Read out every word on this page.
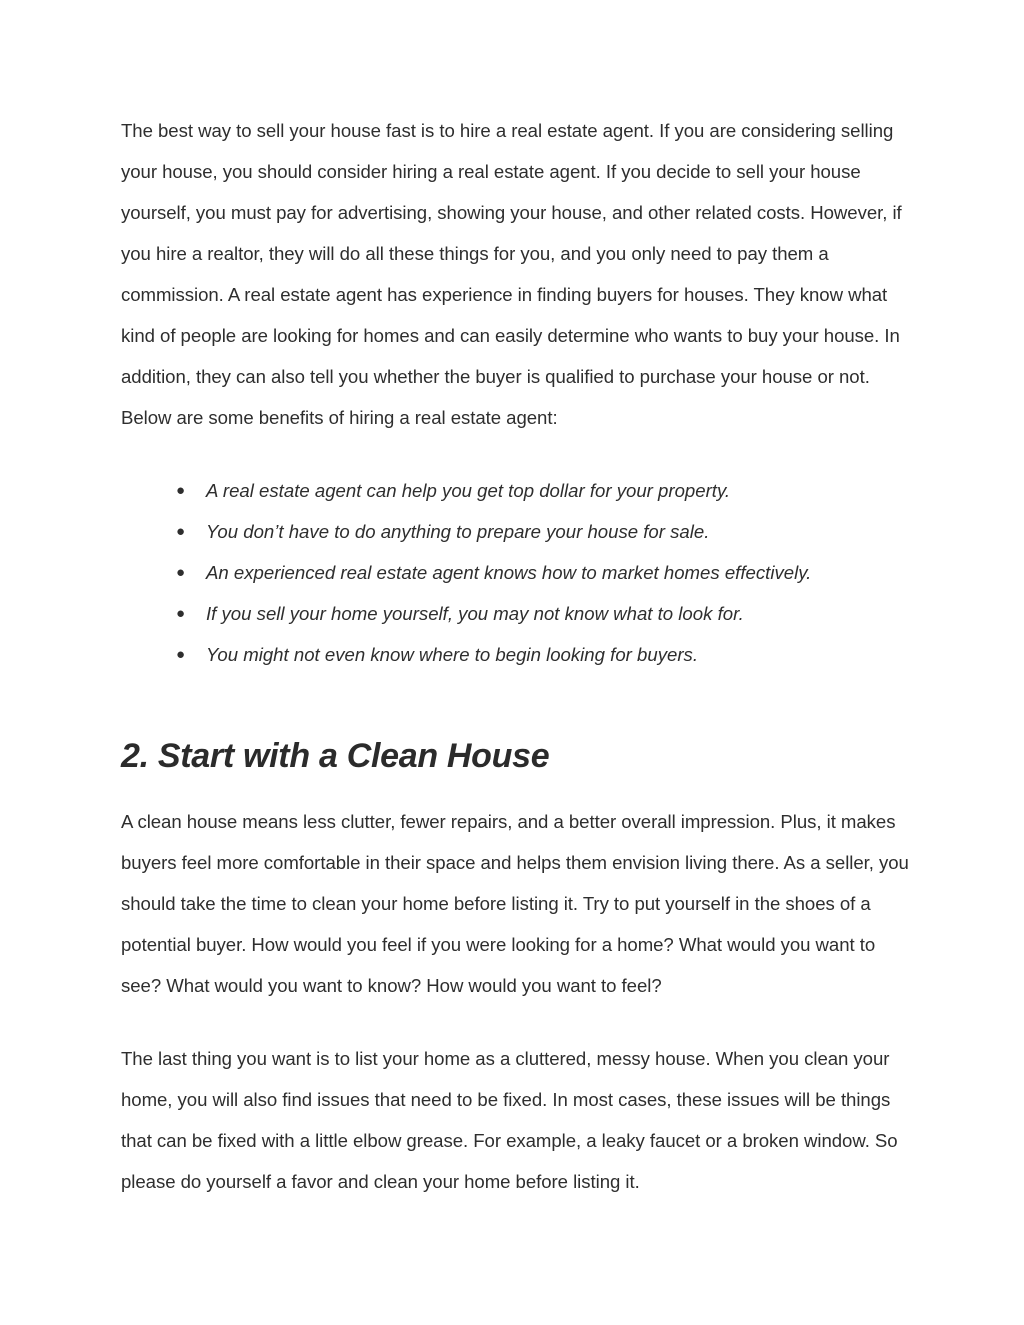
The best way to sell your house fast is to hire a real estate agent. If you are considering selling your house, you should consider hiring a real estate agent. If you decide to sell your house yourself, you must pay for advertising, showing your house, and other related costs. However, if you hire a realtor, they will do all these things for you, and you only need to pay them a commission. A real estate agent has experience in finding buyers for houses. They know what kind of people are looking for homes and can easily determine who wants to buy your house. In addition, they can also tell you whether the buyer is qualified to purchase your house or not. Below are some benefits of hiring a real estate agent:

● A real estate agent can help you get top dollar for your property.
● You don’t have to do anything to prepare your house for sale.
● An experienced real estate agent knows how to market homes effectively.
● If you sell your home yourself, you may not know what to look for.
● You might not even know where to begin looking for buyers.
2. Start with a Clean House

A clean house means less clutter, fewer repairs, and a better overall impression. Plus, it makes buyers feel more comfortable in their space and helps them envision living there. As a seller, you should take the time to clean your home before listing it. Try to put yourself in the shoes of a potential buyer. How would you feel if you were looking for a home? What would you want to see? What would you want to know? How would you want to feel?

The last thing you want is to list your home as a cluttered, messy house. When you clean your home, you will also find issues that need to be fixed. In most cases, these issues will be things that can be fixed with a little elbow grease. For example, a leaky faucet or a broken window. So please do yourself a favor and clean your home before listing it.
